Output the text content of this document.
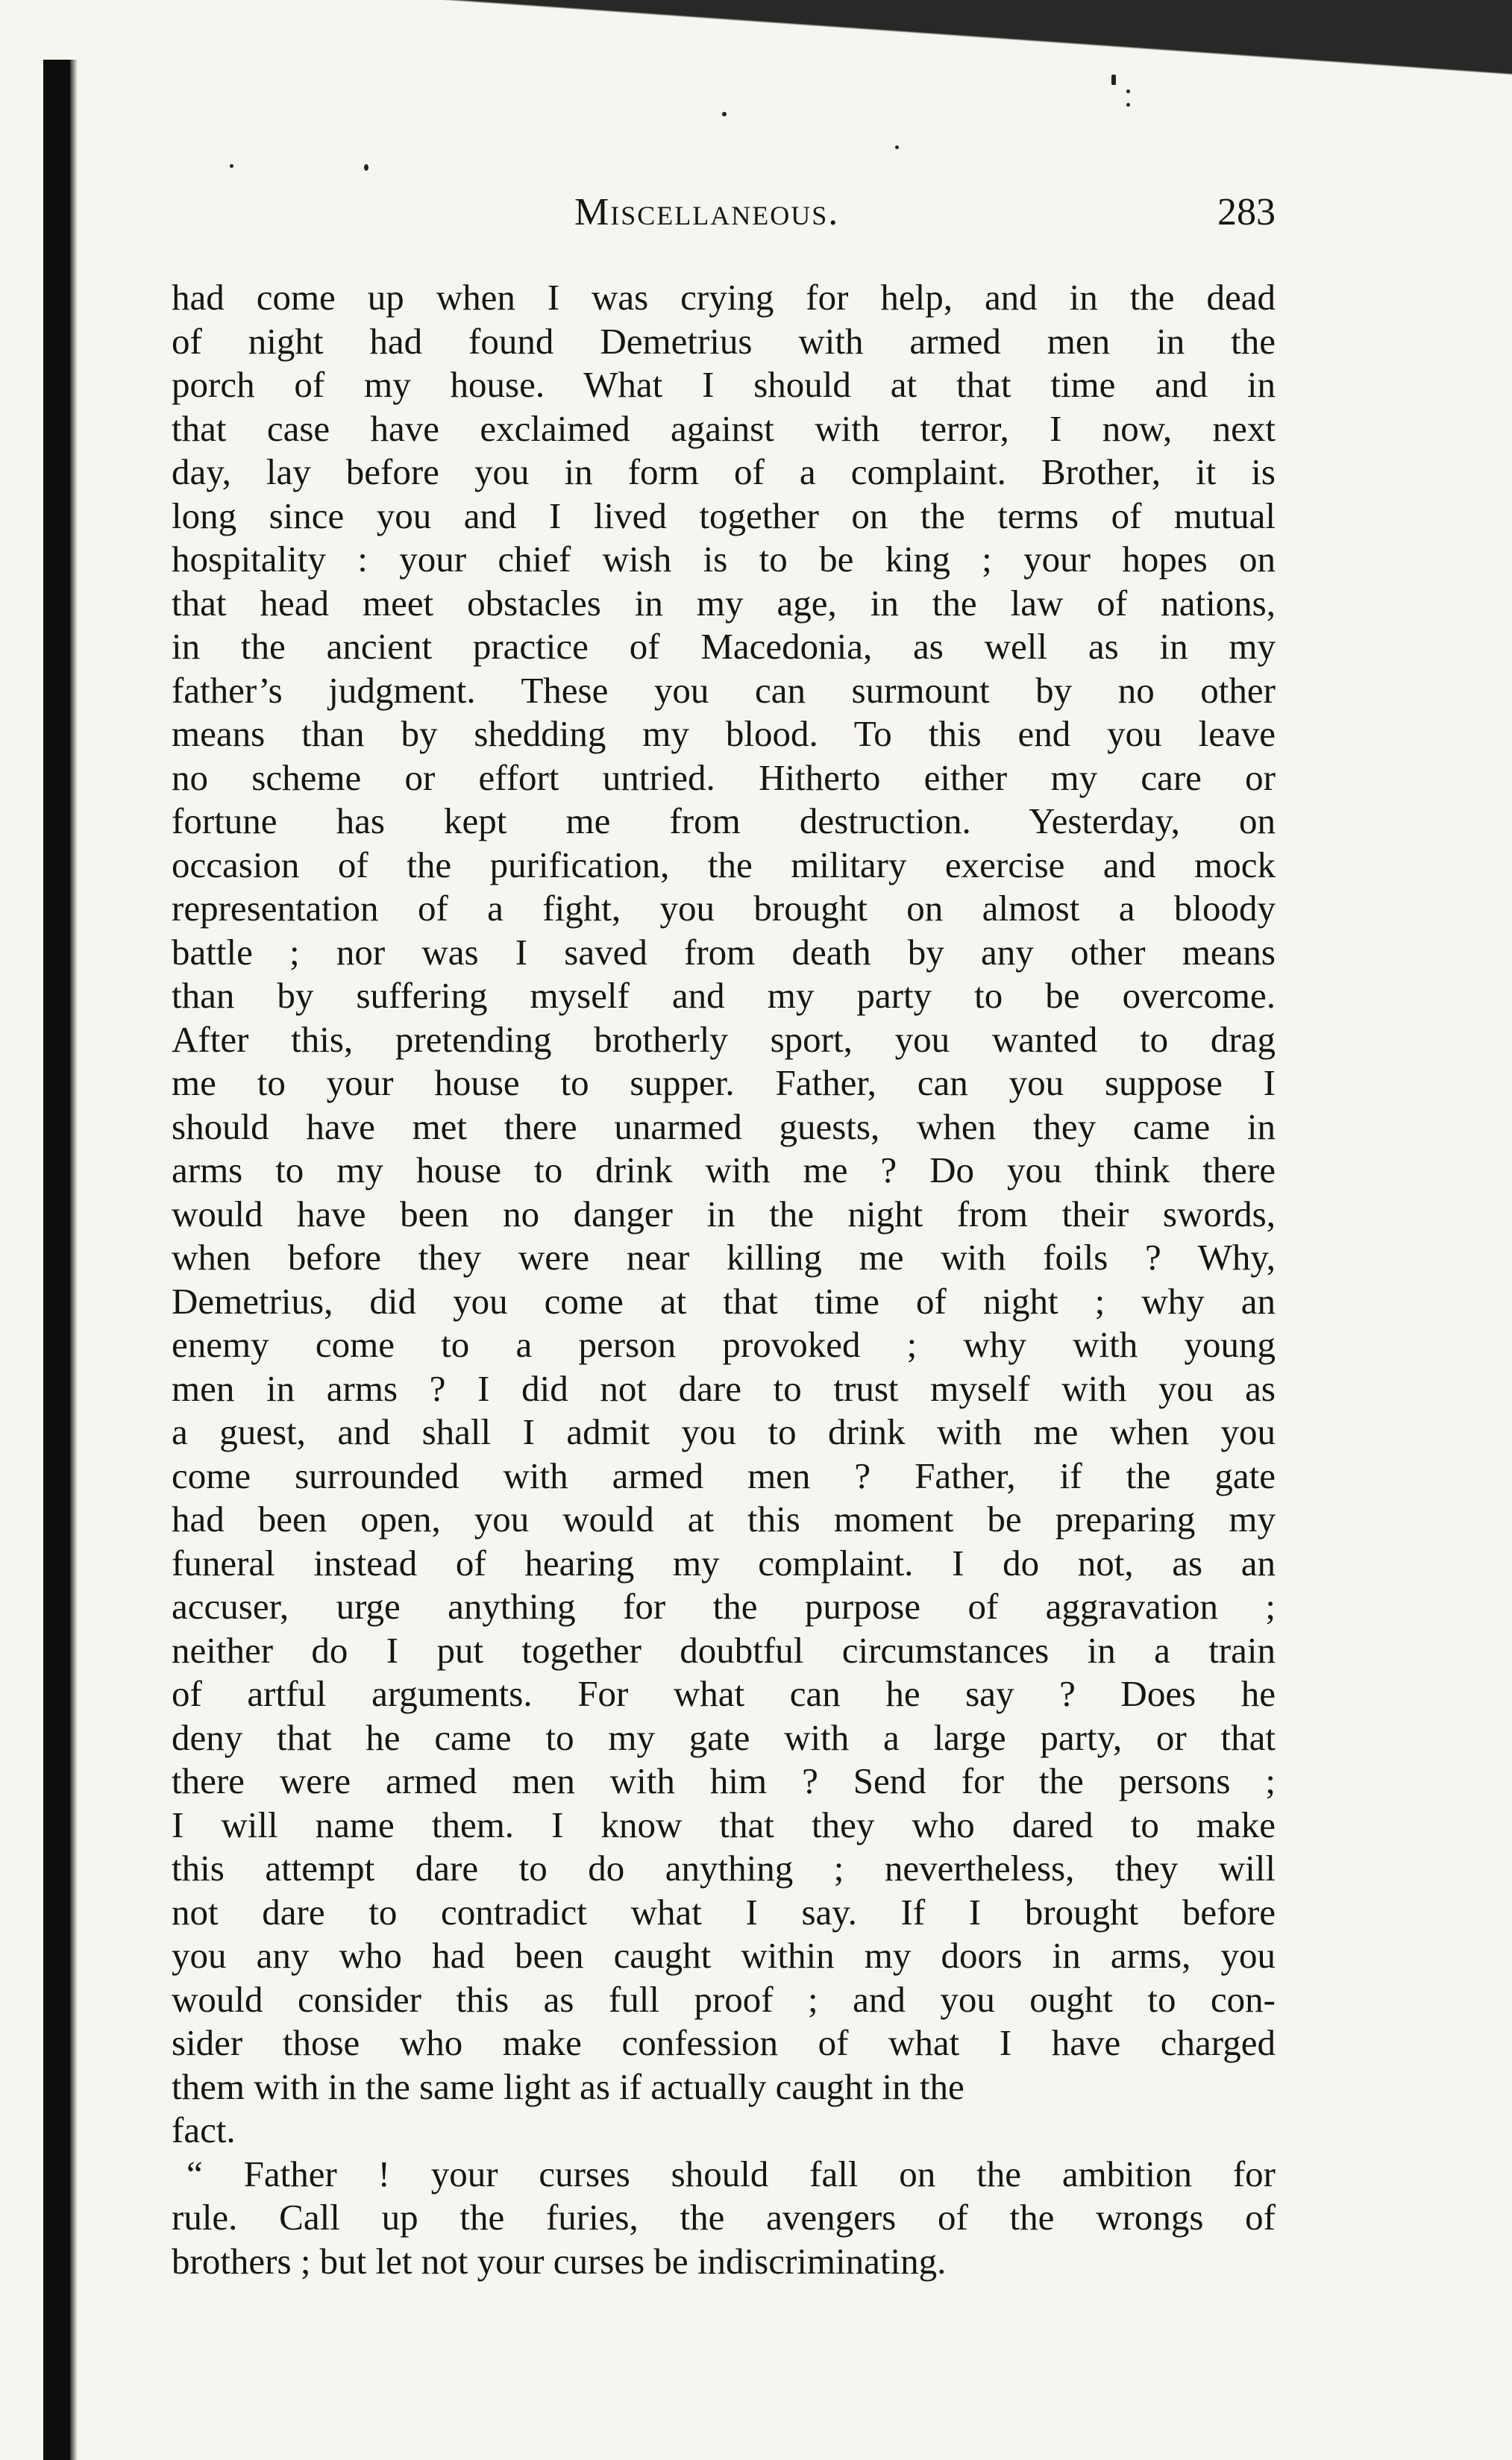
Miscellaneous.	283
had come up when I was crying for help, and in the dead
of night had found Demetrius with armed men in the
porch of my house. What I should at that time and in
that case have exclaimed against with terror, I now, next
day, lay before you in form of a complaint. Brother, it is
long since you and I lived together on the terms of mutual
hospitality : your chief wish is to be king ; your hopes on
that head meet obstacles in my age, in the law of nations,
in the ancient practice of Macedonia, as well as in my
father’s judgment. These you can surmount by no other
means than by shedding my blood. To this end you leave
no scheme or effort untried. Hitherto either my care or
fortune has kept me from destruction. Yesterday, on
occasion of the purification, the military exercise and mock
representation of a fight, you brought on almost a bloody
battle ; nor was I saved from death by any other means
than by suffering myself and my party to be overcome.
After this, pretending brotherly sport, you wanted to drag
me to your house to supper. Father, can you suppose I
should have met there unarmed guests, when they came in
arms to my house to drink with me ? Do you think there
would have been no danger in the night from their swords,
when before they were near killing me with foils ? Why,
Demetrius, did you come at that time of night ; why an
enemy come to a person provoked ; why with young
men in arms ? I did not dare to trust myself with you as
a guest, and shall I admit you to drink with me when you
come surrounded with armed men ? Father, if the gate
had been open, you would at this moment be preparing my
funeral instead of hearing my complaint. I do not, as an
accuser, urge anything for the purpose of aggravation ;
neither do I put together doubtful circumstances in a train
of artful arguments. For what can he say ? Does he
deny that he came to my gate with a large party, or that
there were armed men with him ? Send for the persons ;
I will name them. I know that they who dared to make
this attempt dare to do anything ; nevertheless, they will
not dare to contradict what I say. If I brought before
you any who had been caught within my doors in arms, you
would consider this as full proof ; and you ought to con-
sider those who make confession of what I have charged
them with in the same light as if actually caught in the
fact.
“ Father ! your curses should fall on the ambition for
rule. Call up the furies, the avengers of the wrongs of
brothers ; but let not your curses be indiscriminating.
